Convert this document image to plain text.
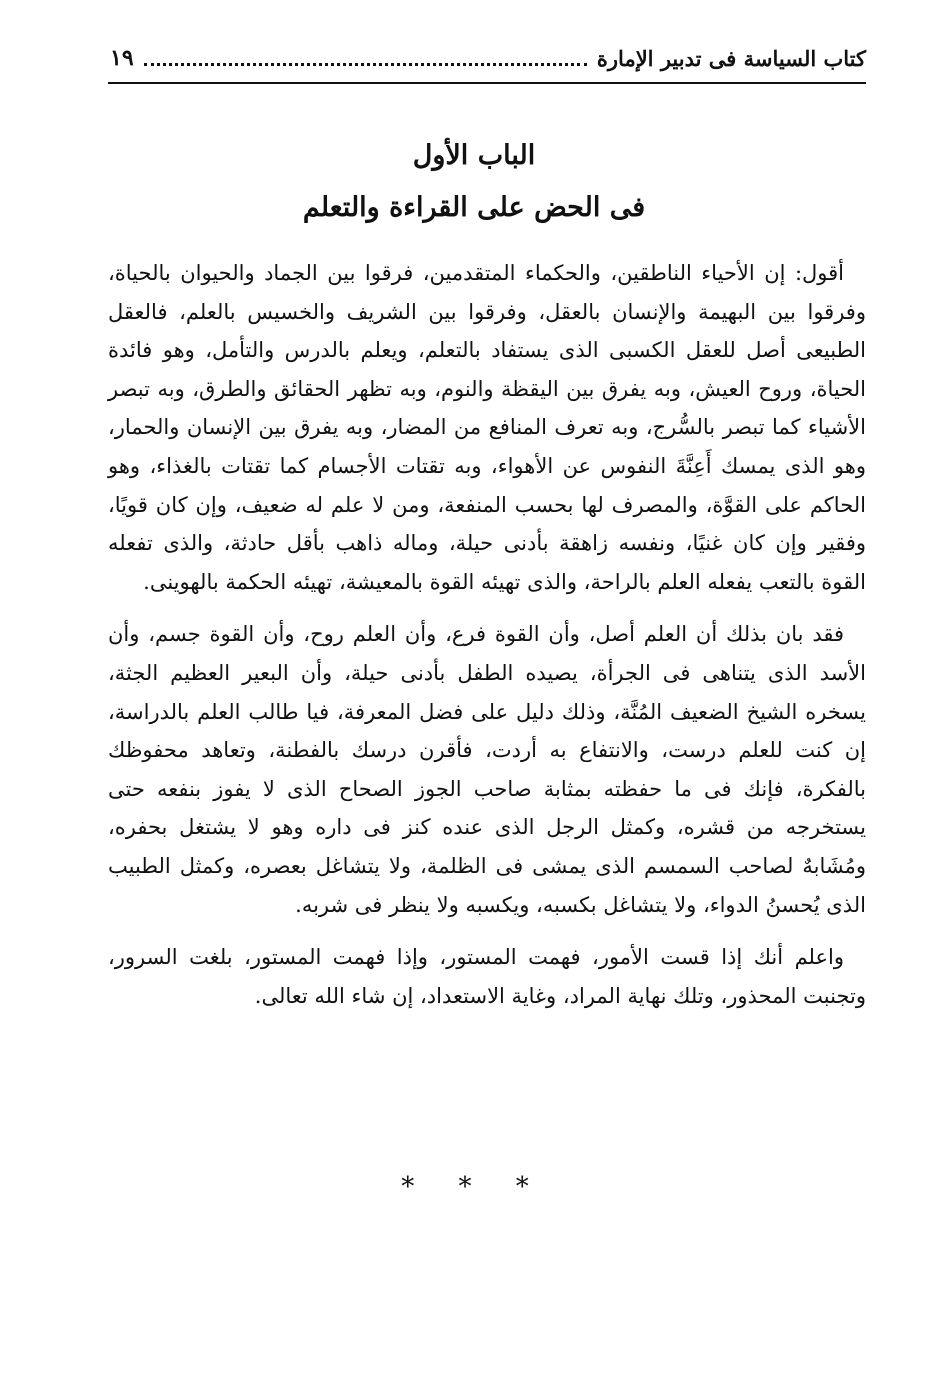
كتاب السياسة فى تدبير الإمارة
١٩
الباب الأول
فى الحض على القراءة والتعلم

أقول: إن الأحياء الناطقين، والحكماء المتقدمين، فرقوا بين الجماد والحيوان بالحياة، وفرقوا بين البهيمة والإنسان بالعقل، وفرقوا بين الشريف والخسيس بالعلم، فالعقل الطبيعى أصل للعقل الكسبى الذى يستفاد بالتعلم، ويعلم بالدرس والتأمل، وهو فائدة الحياة، وروح العيش، وبه يفرق بين اليقظة والنوم، وبه تظهر الحقائق والطرق، وبه تبصر الأشياء كما تبصر بالسُّرج، وبه تعرف المنافع من المضار، وبه يفرق بين الإنسان والحمار، وهو الذى يمسك أَعِنَّةَ النفوس عن الأهواء، وبه تقتات الأجسام كما تقتات بالغذاء، وهو الحاكم على القوَّة، والمصرف لها بحسب المنفعة، ومن لا علم له ضعيف، وإن كان قويًا، وفقير وإن كان غنيًا، ونفسه زاهقة بأدنى حيلة، وماله ذاهب بأقل حادثة، والذى تفعله القوة بالتعب يفعله العلم بالراحة، والذى تهيئه القوة بالمعيشة، تهيئه الحكمة بالهوينى.

فقد بان بذلك أن العلم أصل، وأن القوة فرع، وأن العلم روح، وأن القوة جسم، وأن الأسد الذى يتناهى فى الجرأة، يصيده الطفل بأدنى حيلة، وأن البعير العظيم الجثة، يسخره الشيخ الضعيف المُنَّة، وذلك دليل على فضل المعرفة، فيا طالب العلم بالدراسة، إن كنت للعلم درست، والانتفاع به أردت، فأقرن درسك بالفطنة، وتعاهد محفوظك بالفكرة، فإنك فى ما حفظته بمثابة صاحب الجوز الصحاح الذى لا يفوز بنفعه حتى يستخرجه من قشره، وكمثل الرجل الذى عنده كنز فى داره وهو لا يشتغل بحفره، ومُشَابهٌ لصاحب السمسم الذى يمشى فى الظلمة، ولا يتشاغل بعصره، وكمثل الطبيب الذى يُحسنُ الدواء، ولا يتشاغل بكسبه، ويكسبه ولا ينظر فى شربه.

واعلم أنك إذا قست الأمور، فهمت المستور، وإذا فهمت المستور، بلغت السرور، وتجنبت المحذور، وتلك نهاية المراد، وغاية الاستعداد، إن شاء الله تعالى.

* * *
